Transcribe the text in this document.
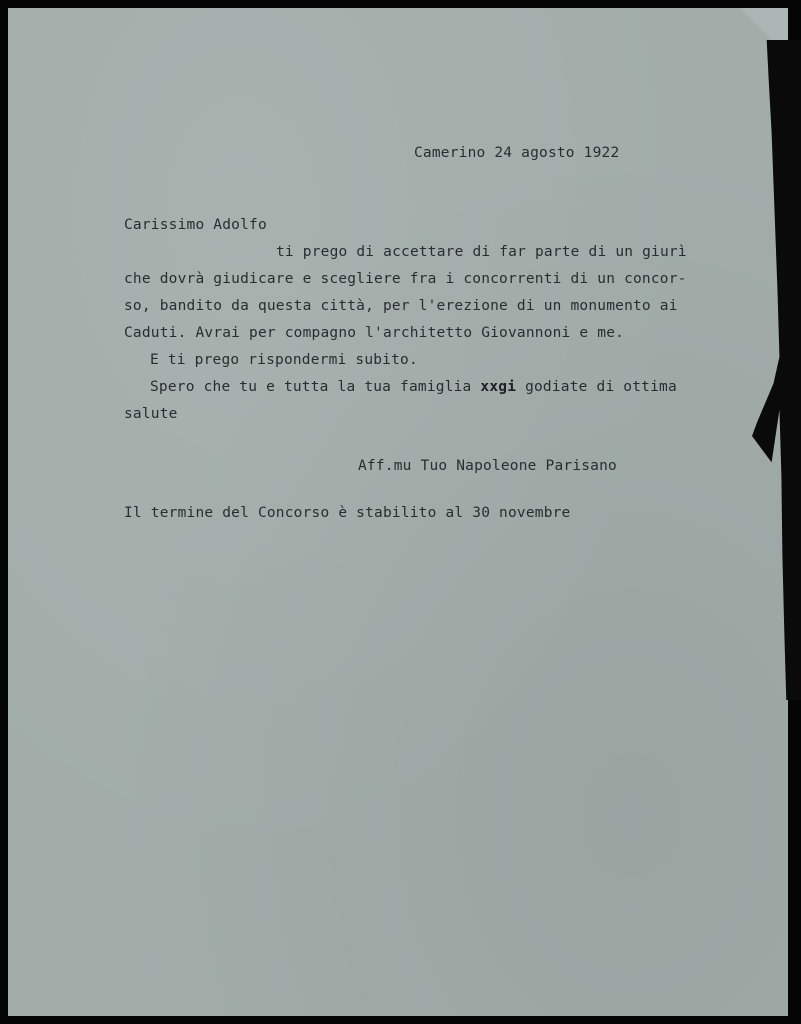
Camerino 24 agosto 1922
Carissimo Adolfo
ti prego di accettare di far parte di un giurì
che dovrà giudicare e scegliere fra i concorrenti di un concor-
so, bandito da questa città, per l'erezione di un monumento ai
Caduti. Avrai per compagno l'architetto Giovannoni e me.
E ti prego rispondermi subito.
Spero che tu e tutta la tua famiglia xxgi godiate di ottima
salute
Aff.mu Tuo Napoleone Parisano
Il termine del Concorso è stabilito al 30 novembre
